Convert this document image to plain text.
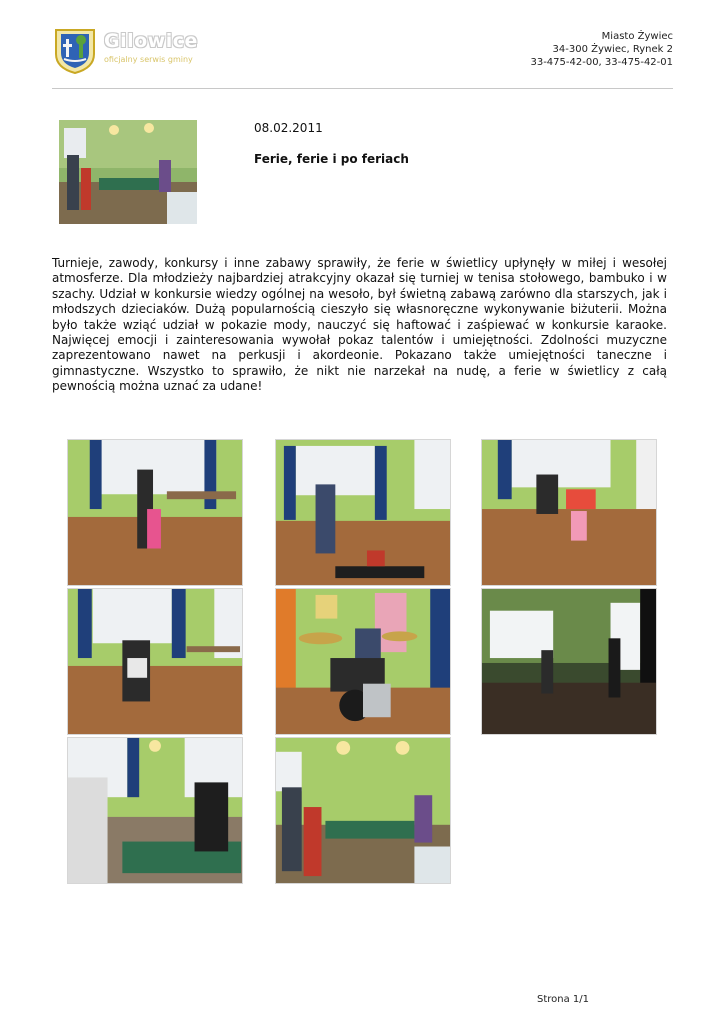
Gilowice
oficjalny serwis gminy
Miasto Żywiec
34-300 Żywiec, Rynek 2
33-475-42-00, 33-475-42-01
08.02.2011
Ferie, ferie i po feriach

Turnieje, zawody, konkursy i inne zabawy sprawiły, że ferie w świetlicy upłynęły w miłej i wesołej atmosferze. Dla młodzieży najbardziej atrakcyjny okazał się turniej w tenisa stołowego, bambuko i w szachy. Udział w konkursie wiedzy ogólnej na wesoło, był świetną zabawą zarówno dla starszych, jak i młodszych dzieciaków. Dużą popularnością cieszyło się własnoręczne wykonywanie biżuterii. Można było także wziąć udział w pokazie mody, nauczyć się haftować i zaśpiewać w konkursie karaoke. Najwięcej emocji i zainteresowania wywołał pokaz talentów i umiejętności. Zdolności muzyczne zaprezentowano nawet na perkusji i akordeonie. Pokazano także umiejętności taneczne i gimnastyczne. Wszystko to sprawiło, że nikt nie narzekał na nudę, a ferie w świetlicy z całą pewnością można uznać za udane!

Strona 1/1
